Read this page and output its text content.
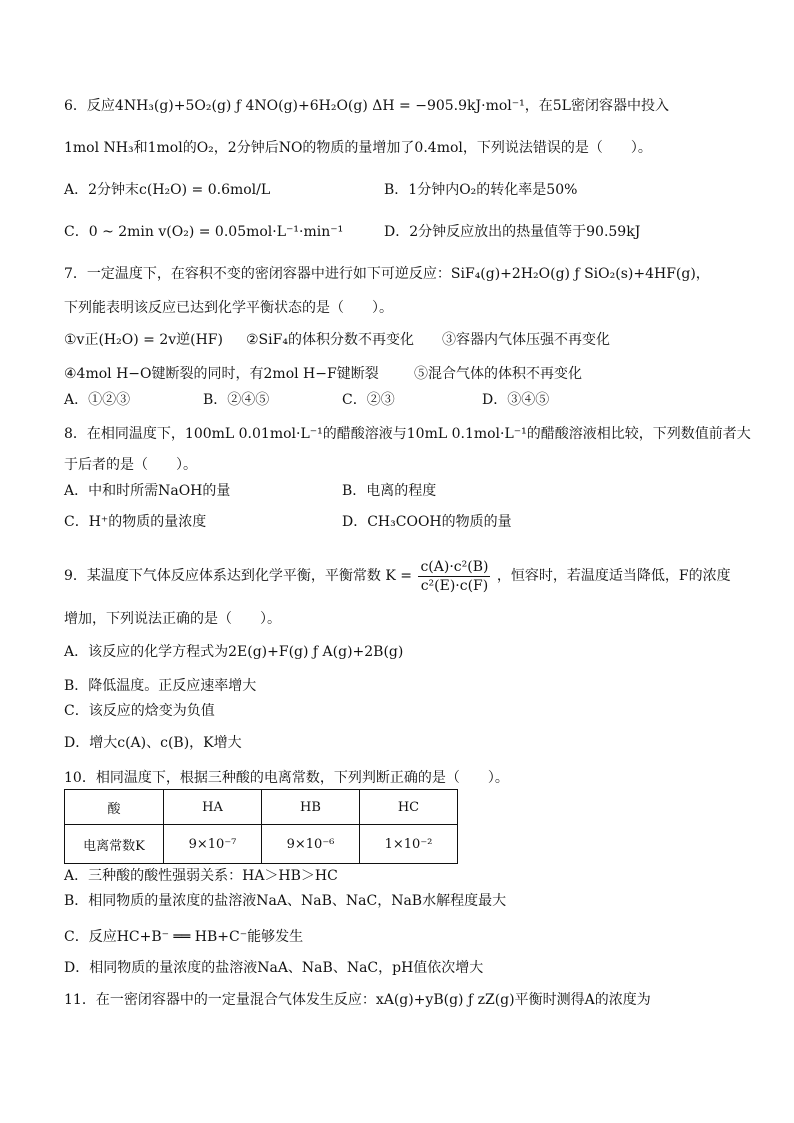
6．反应4NH₃(g)+5O₂(g) ƒ 4NO(g)+6H₂O(g) ΔH = −905.9kJ·mol⁻¹，在5L密闭容器中投入
1mol NH₃和1mol的O₂，2分钟后NO的物质的量增加了0.4mol，下列说法错误的是（　　）。
A．2分钟末c(H₂O) = 0.6mol/L	B．1分钟内O₂的转化率是50%
C．0 ~ 2min v(O₂) = 0.05mol·L⁻¹·min⁻¹	D．2分钟反应放出的热量值等于90.59kJ
7．一定温度下，在容积不变的密闭容器中进行如下可逆反应：SiF₄(g)+2H₂O(g) ƒ SiO₂(s)+4HF(g)，
下列能表明该反应已达到化学平衡状态的是（　　）。
①v正(H₂O) = 2v逆(HF) ②SiF₄的体积分数不再变化 ③容器内气体压强不再变化
④4mol H−O键断裂的同时，有2mol H−F键断裂	⑤混合气体的体积不再变化
A．①②③	B．②④⑤	C．②③	D．③④⑤
8．在相同温度下，100mL 0.01mol·L⁻¹的醋酸溶液与10mL 0.1mol·L⁻¹的醋酸溶液相比较，下列数值前者大
于后者的是（　　）。
A．中和时所需NaOH的量	B．电离的程度
C．H⁺的物质的量浓度	D．CH₃COOH的物质的量
9．某温度下气体反应体系达到化学平衡，平衡常数 $K = \frac{\text{c(A)·c²(B)}}{\text{c²(E)·c(F)}}$ ，恒容时，若温度适当降低，F的浓度
增加，下列说法正确的是（　　）。
A．该反应的化学方程式为2E(g)+F(g) ƒ A(g)+2B(g)
B．降低温度。正反应速率增大
C．该反应的焓变为负值
D．增大c(A)、c(B)，K增大
10．相同温度下，根据三种酸的电离常数，下列判断正确的是（　　）。
酸	HA	HB	HC
电离常数K	9×10⁻⁷	9×10⁻⁶	1×10⁻²
A．三种酸的酸性强弱关系：HA＞HB＞HC
B．相同物质的量浓度的盐溶液NaA、NaB、NaC，NaB水解程度最大
C．反应HC+B⁻ ══ HB+C⁻能够发生
D．相同物质的量浓度的盐溶液NaA、NaB、NaC，pH值依次增大
11．在一密闭容器中的一定量混合气体发生反应：xA(g)+yB(g) ƒ zZ(g)平衡时测得A的浓度为
